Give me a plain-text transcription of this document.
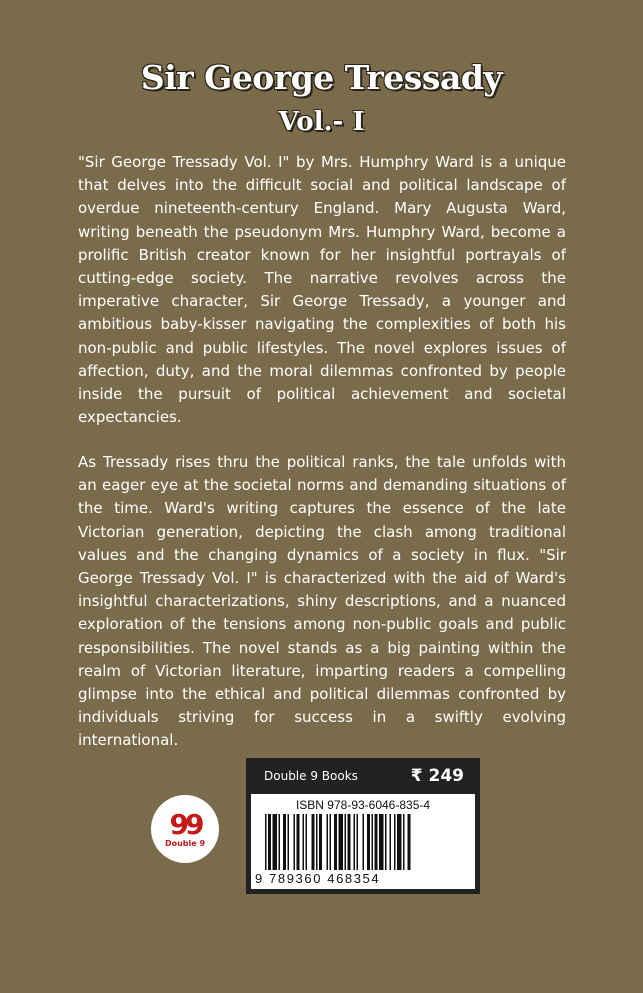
Sir George Tressady
Vol.- I

"Sir George Tressady Vol. I" by Mrs. Humphry Ward is a unique that delves into the difficult social and political landscape of overdue nineteenth-century England. Mary Augusta Ward, writing beneath the pseudonym Mrs. Humphry Ward, become a prolific British creator known for her insightful portrayals of cutting-edge society. The narrative revolves across the imperative character, Sir George Tressady, a younger and ambitious baby-kisser navigating the complexities of both his non-public and public lifestyles. The novel explores issues of affection, duty, and the moral dilemmas confronted by people inside the pursuit of political achievement and societal expectancies.

As Tressady rises thru the political ranks, the tale unfolds with an eager eye at the societal norms and demanding situations of the time. Ward's writing captures the essence of the late Victorian generation, depicting the clash among traditional values and the changing dynamics of a society in flux. "Sir George Tressady Vol. I" is characterized with the aid of Ward's insightful characterizations, shiny descriptions, and a nuanced exploration of the tensions among non-public goals and public responsibilities. The novel stands as a big painting within the realm of Victorian literature, imparting readers a compelling glimpse into the ethical and political dilemmas confronted by individuals striving for success in a swiftly evolving international.

99
Double 9
Double 9 Books	₹ 249
ISBN 978-93-6046-835-4
9 789360 468354
